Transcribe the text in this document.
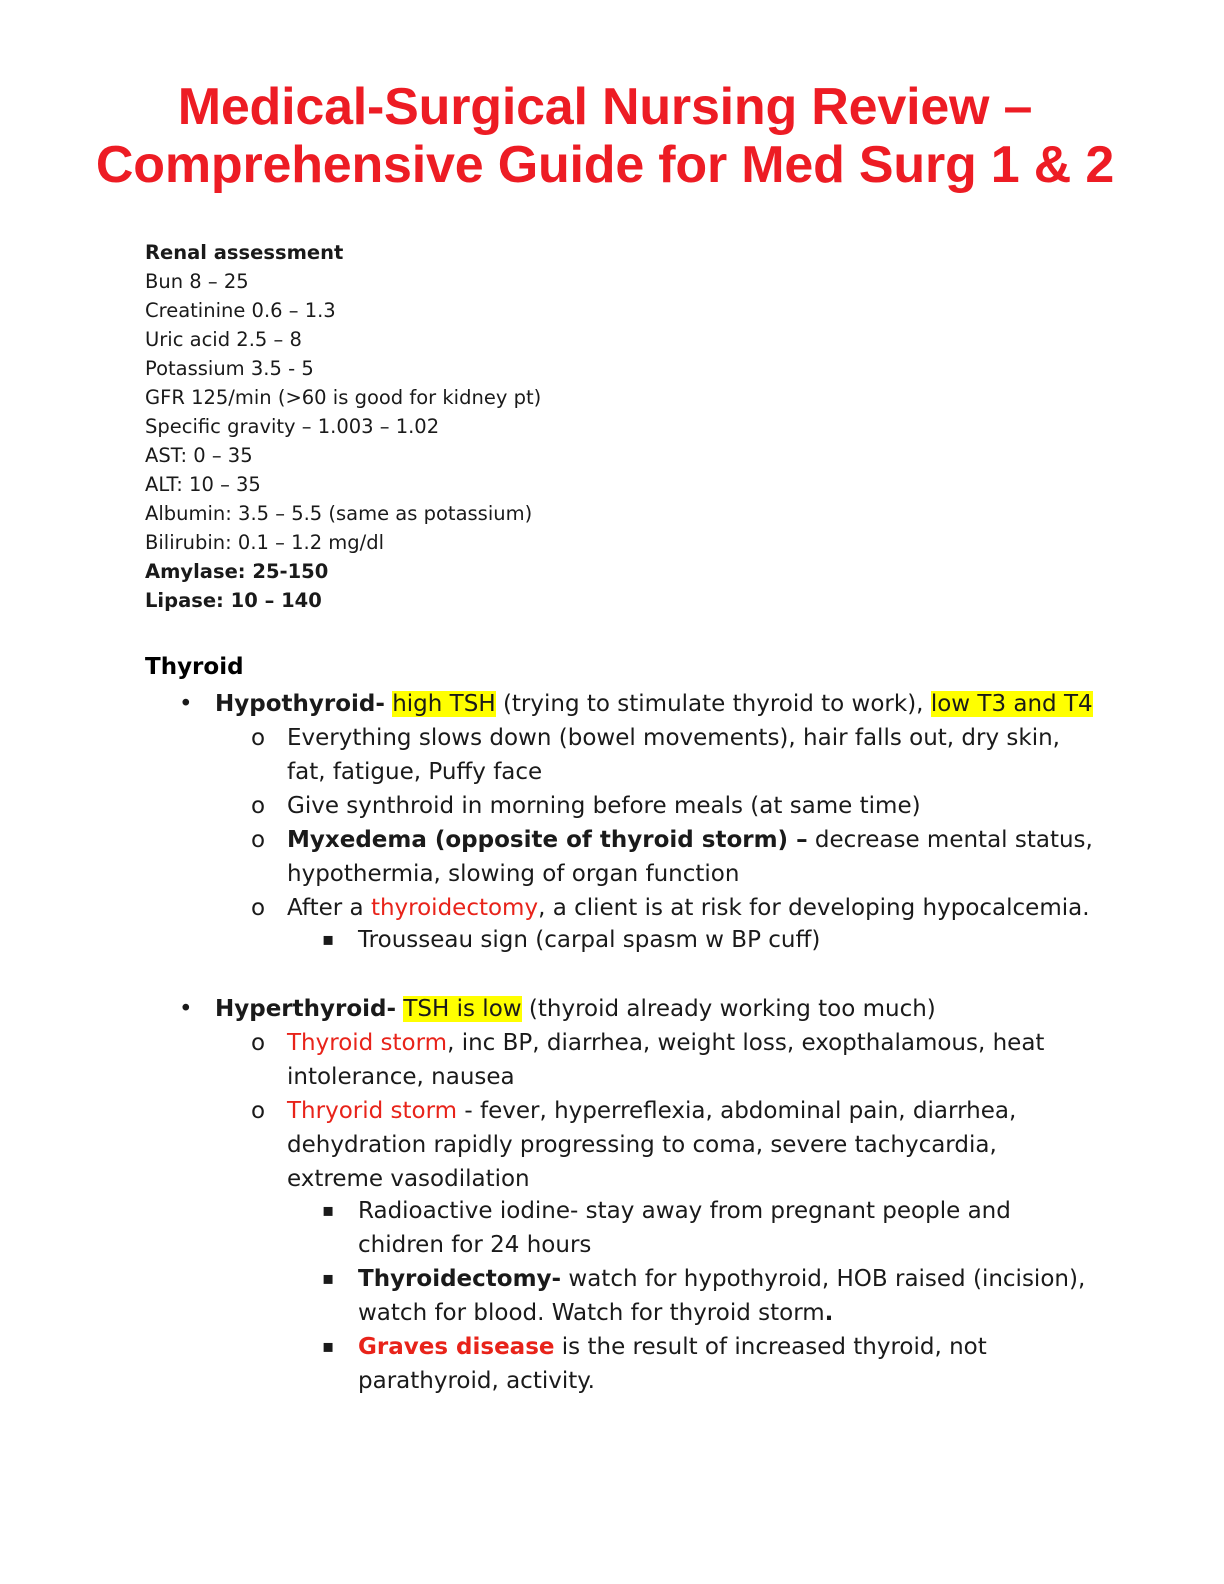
Medical-Surgical Nursing Review –
Comprehensive Guide for Med Surg 1 & 2
Renal assessment
Bun 8 – 25
Creatinine 0.6 – 1.3
Uric acid 2.5 – 8
Potassium 3.5 - 5
GFR 125/min (>60 is good for kidney pt)
Specific gravity – 1.003 – 1.02
AST: 0 – 35
ALT: 10 – 35
Albumin: 3.5 – 5.5 (same as potassium)
Bilirubin: 0.1 – 1.2 mg/dl
Amylase: 25-150
Lipase: 10 – 140
Thyroid
• Hypothyroid- high TSH (trying to stimulate thyroid to work), low T3 and T4
o Everything slows down (bowel movements), hair falls out, dry skin,
fat, fatigue, Puffy face
o Give synthroid in morning before meals (at same time)
o Myxedema (opposite of thyroid storm) – decrease mental status,
hypothermia, slowing of organ function
o After a thyroidectomy, a client is at risk for developing hypocalcemia.
▪ Trousseau sign (carpal spasm w BP cuff)
• Hyperthyroid- TSH is low (thyroid already working too much)
o Thyroid storm, inc BP, diarrhea, weight loss, exopthalamous, heat
intolerance, nausea
o Thryorid storm - fever, hyperreflexia, abdominal pain, diarrhea,
dehydration rapidly progressing to coma, severe tachycardia,
extreme vasodilation
▪ Radioactive iodine- stay away from pregnant people and
chidren for 24 hours
▪ Thyroidectomy- watch for hypothyroid, HOB raised (incision),
watch for blood. Watch for thyroid storm.
▪ Graves disease is the result of increased thyroid, not
parathyroid, activity.
